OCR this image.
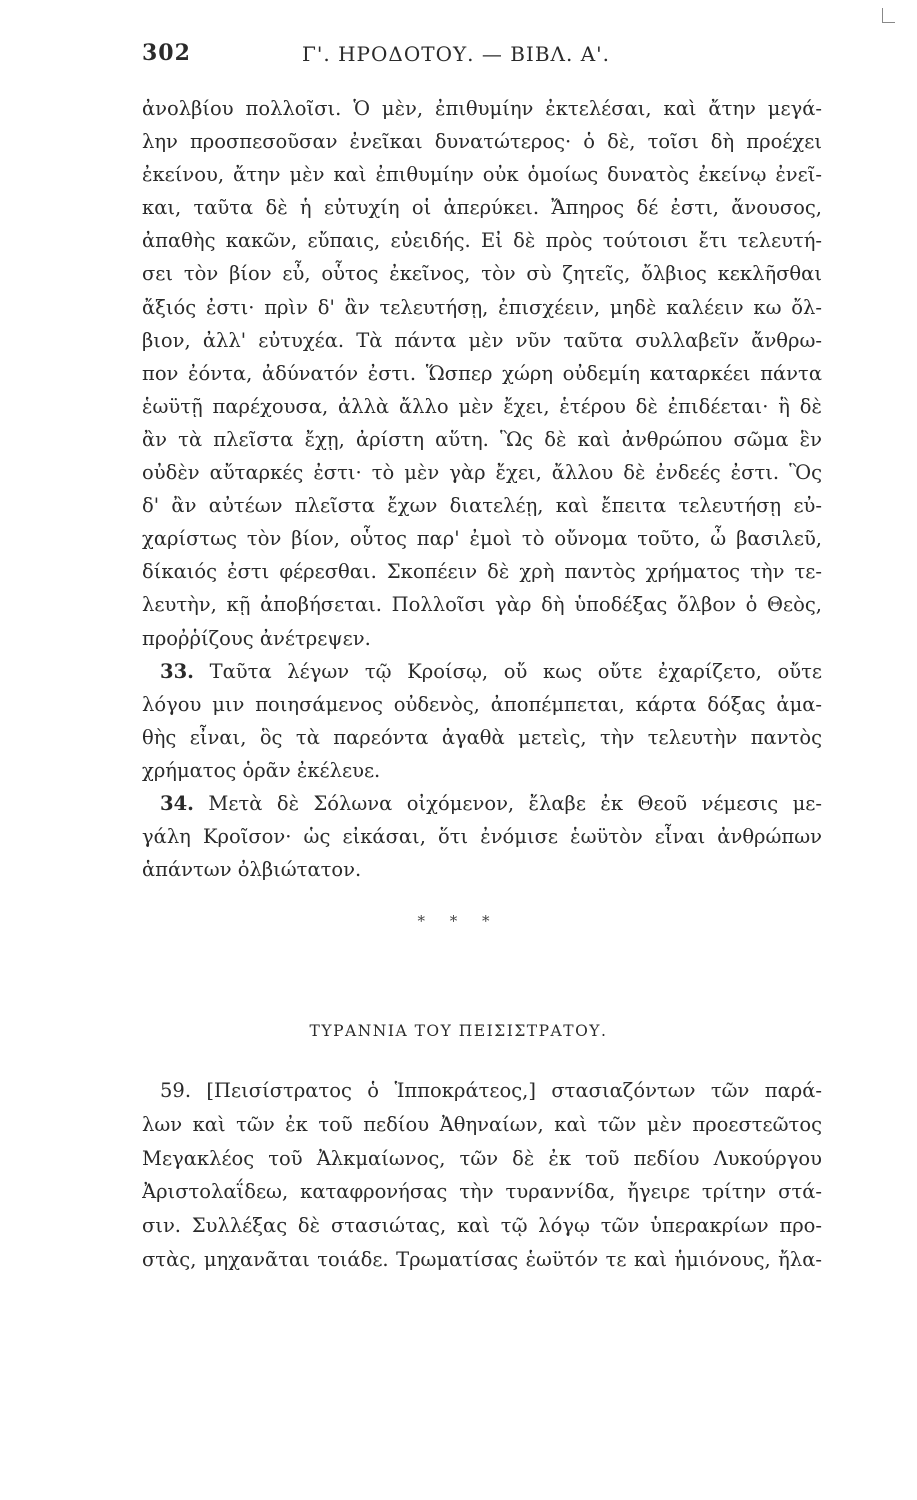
302	Γ'. ΗΡΟΔΟΤΟΥ. — ΒΙΒΛ. Α'.
ἀνολβίου πολλοῖσι. Ὁ μὲν, ἐπιθυμίην ἐκτελέσαι, καὶ ἄτην μεγά-
λην προσπεσοῦσαν ἐνεῖκαι δυνατώτερος· ὁ δὲ, τοῖσι δὴ προέχει
ἐκείνου, ἄτην μὲν καὶ ἐπιθυμίην οὐκ ὁμοίως δυνατὸς ἐκείνῳ ἐνεῖ-
και, ταῦτα δὲ ἡ εὐτυχίη οἱ ἀπερύκει. Ἄπηρος δέ ἐστι, ἄνουσος,
ἀπαθὴς κακῶν, εὔπαις, εὐειδής. Εἰ δὲ πρὸς τούτοισι ἔτι τελευτή-
σει τὸν βίον εὖ, οὗτος ἐκεῖνος, τὸν σὺ ζητεῖς, ὄλβιος κεκλῆσθαι
ἄξιός ἐστι· πρὶν δ' ἂν τελευτήσῃ, ἐπισχέειν, μηδὲ καλέειν κω ὄλ-
βιον, ἀλλ' εὐτυχέα. Τὰ πάντα μὲν νῦν ταῦτα συλλαβεῖν ἄνθρω-
πον ἐόντα, ἀδύνατόν ἐστι. Ὥσπερ χώρη οὐδεμίη καταρκέει πάντα
ἑωϋτῇ παρέχουσα, ἀλλὰ ἄλλο μὲν ἔχει, ἑτέρου δὲ ἐπιδέεται· ἣ δὲ
ἂν τὰ πλεῖστα ἔχῃ, ἀρίστη αὕτη. Ὣς δὲ καὶ ἀνθρώπου σῶμα ἓν
οὐδὲν αὔταρκές ἐστι· τὸ μὲν γὰρ ἔχει, ἄλλου δὲ ἐνδεές ἐστι. Ὃς
δ' ἂν αὐτέων πλεῖστα ἔχων διατελέῃ, καὶ ἔπειτα τελευτήσῃ εὐ-
χαρίστως τὸν βίον, οὗτος παρ' ἐμοὶ τὸ οὔνομα τοῦτο, ὦ βασιλεῦ,
δίκαιός ἐστι φέρεσθαι. Σκοπέειν δὲ χρὴ παντὸς χρήματος τὴν τε-
λευτὴν, κῇ ἀποβήσεται. Πολλοῖσι γὰρ δὴ ὑποδέξας ὄλβον ὁ Θεὸς,
προῤῥίζους ἀνέτρεψεν.
33. Ταῦτα λέγων τῷ Κροίσῳ, οὔ κως οὔτε ἐχαρίζετο, οὔτε
λόγου μιν ποιησάμενος οὐδενὸς, ἀποπέμπεται, κάρτα δόξας ἀμα-
θὴς εἶναι, ὃς τὰ παρεόντα ἀγαθὰ μετεὶς, τὴν τελευτὴν παντὸς
χρήματος ὁρᾶν ἐκέλευε.
34. Μετὰ δὲ Σόλωνα οἰχόμενον, ἔλαβε ἐκ Θεοῦ νέμεσις με-
γάλη Κροῖσον· ὡς εἰκάσαι, ὅτι ἐνόμισε ἑωϋτὸν εἶναι ἀνθρώπων
ἁπάντων ὀλβιώτατον.
* * *
ΤΥΡΑΝΝΙΑ ΤΟΥ ΠΕΙΣΙΣΤΡΑΤΟΥ.
59. [Πεισίστρατος ὁ Ἱπποκράτεος,] στασιαζόντων τῶν παρά-
λων καὶ τῶν ἐκ τοῦ πεδίου Ἀθηναίων, καὶ τῶν μὲν προεστεῶτος
Μεγακλέος τοῦ Ἀλκμαίωνος, τῶν δὲ ἐκ τοῦ πεδίου Λυκούργου
Ἀριστολαΐδεω, καταφρονήσας τὴν τυραννίδα, ἤγειρε τρίτην στά-
σιν. Συλλέξας δὲ στασιώτας, καὶ τῷ λόγῳ τῶν ὑπερακρίων προ-
στὰς, μηχανᾶται τοιάδε. Τρωματίσας ἑωϋτόν τε καὶ ἡμιόνους, ἤλα-
